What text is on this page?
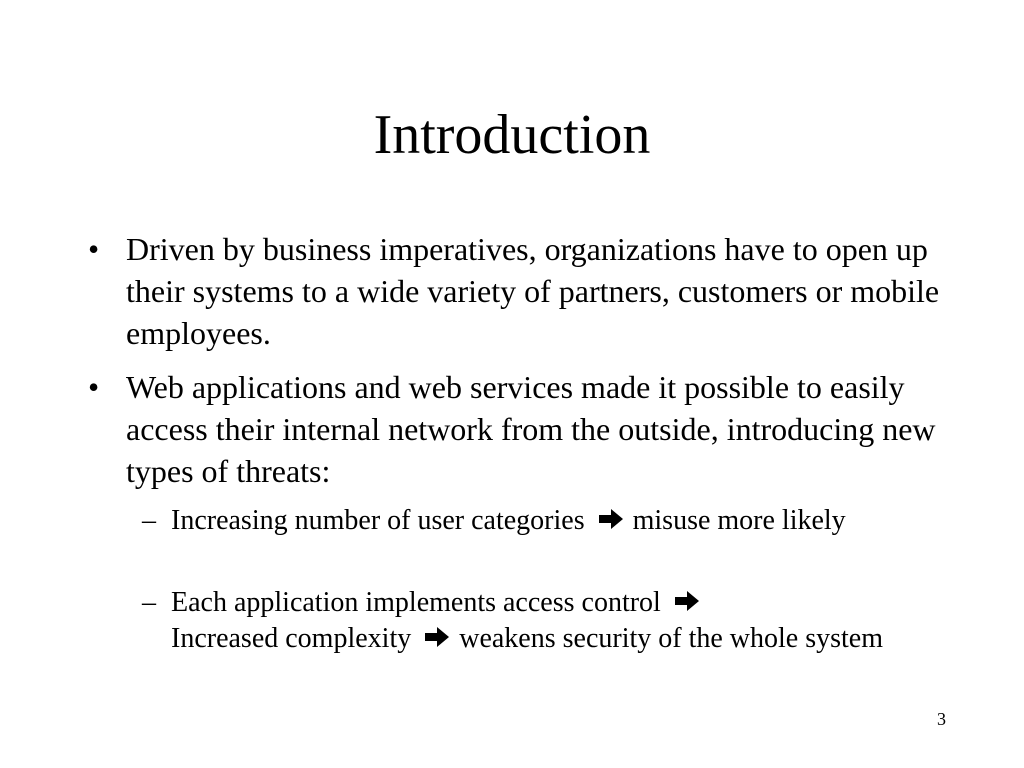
Introduction
• Driven by business imperatives, organizations have to open up their systems to a wide variety of partners, customers or mobile employees.
• Web applications and web services made it possible to easily access their internal network from the outside, introducing new types of threats:
– Increasing number of user categories misuse more likely
– Each application implements access control
Increased complexity weakens security of the whole system
3
